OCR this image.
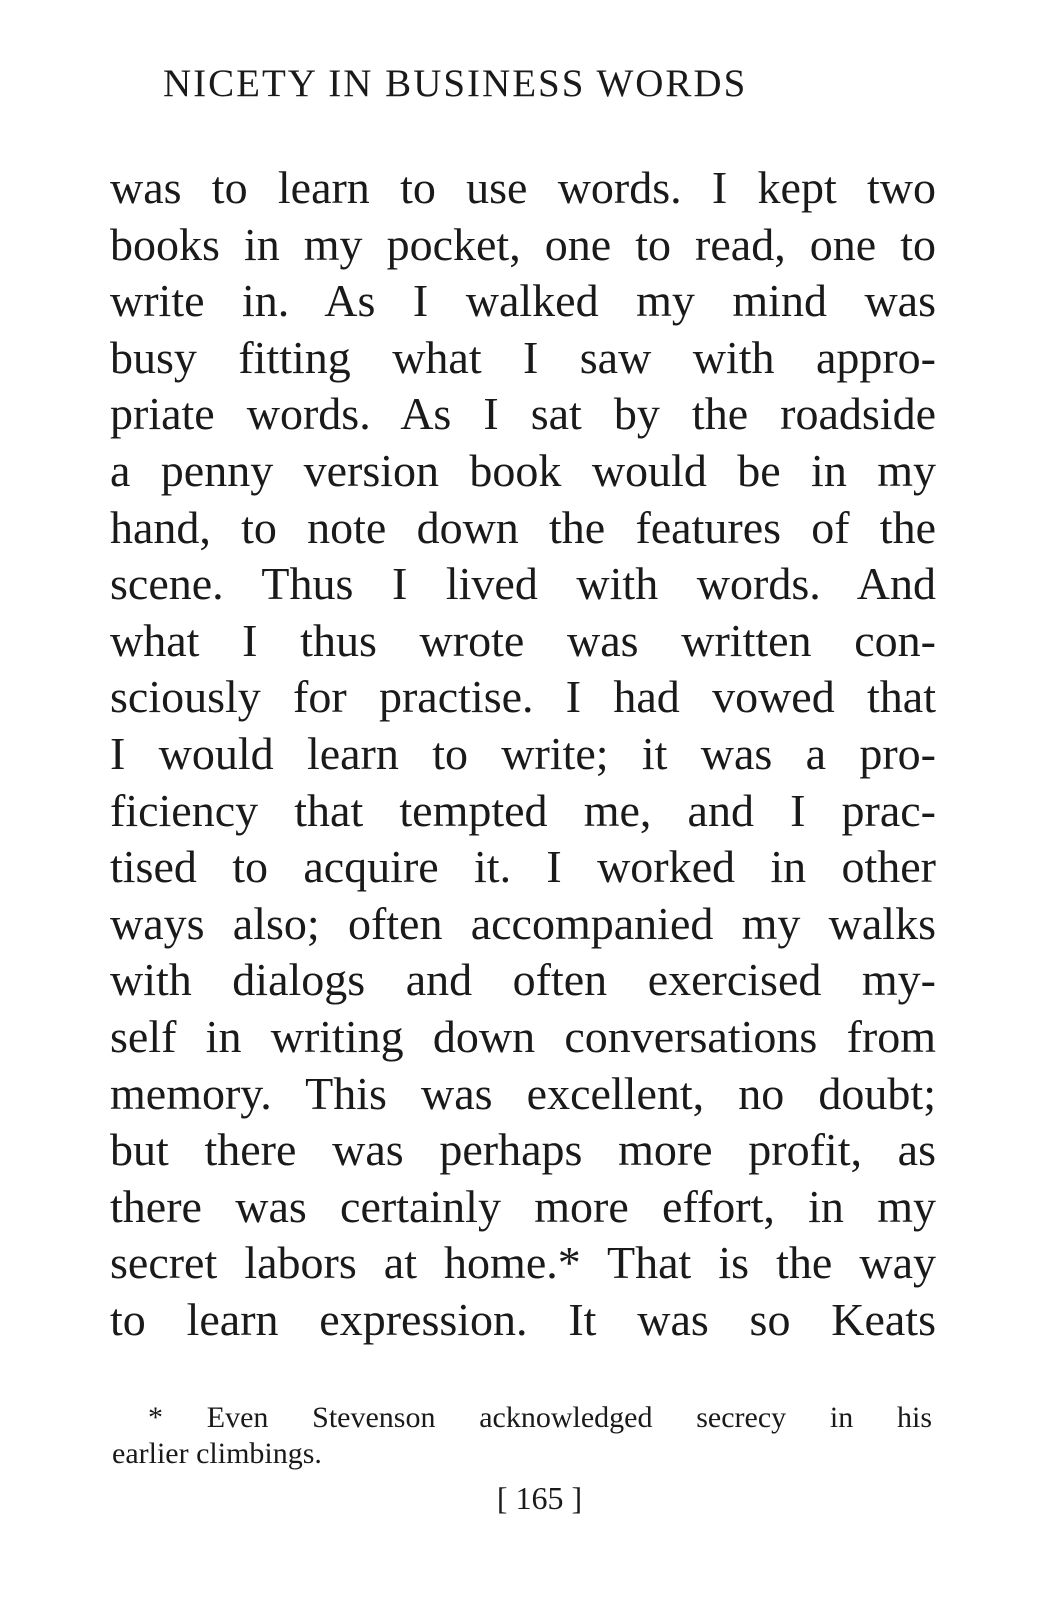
NICETY IN BUSINESS WORDS
was to learn to use words. I kept two
books in my pocket, one to read, one to
write in. As I walked my mind was
busy fitting what I saw with appro-
priate words. As I sat by the roadside
a penny version book would be in my
hand, to note down the features of the
scene. Thus I lived with words. And
what I thus wrote was written con-
sciously for practise. I had vowed that
I would learn to write; it was a pro-
ficiency that tempted me, and I prac-
tised to acquire it. I worked in other
ways also; often accompanied my walks
with dialogs and often exercised my-
self in writing down conversations from
memory. This was excellent, no doubt;
but there was perhaps more profit, as
there was certainly more effort, in my
secret labors at home.* That is the way
to learn expression. It was so Keats
* Even Stevenson acknowledged secrecy in his
earlier climbings.
[ 165 ]
